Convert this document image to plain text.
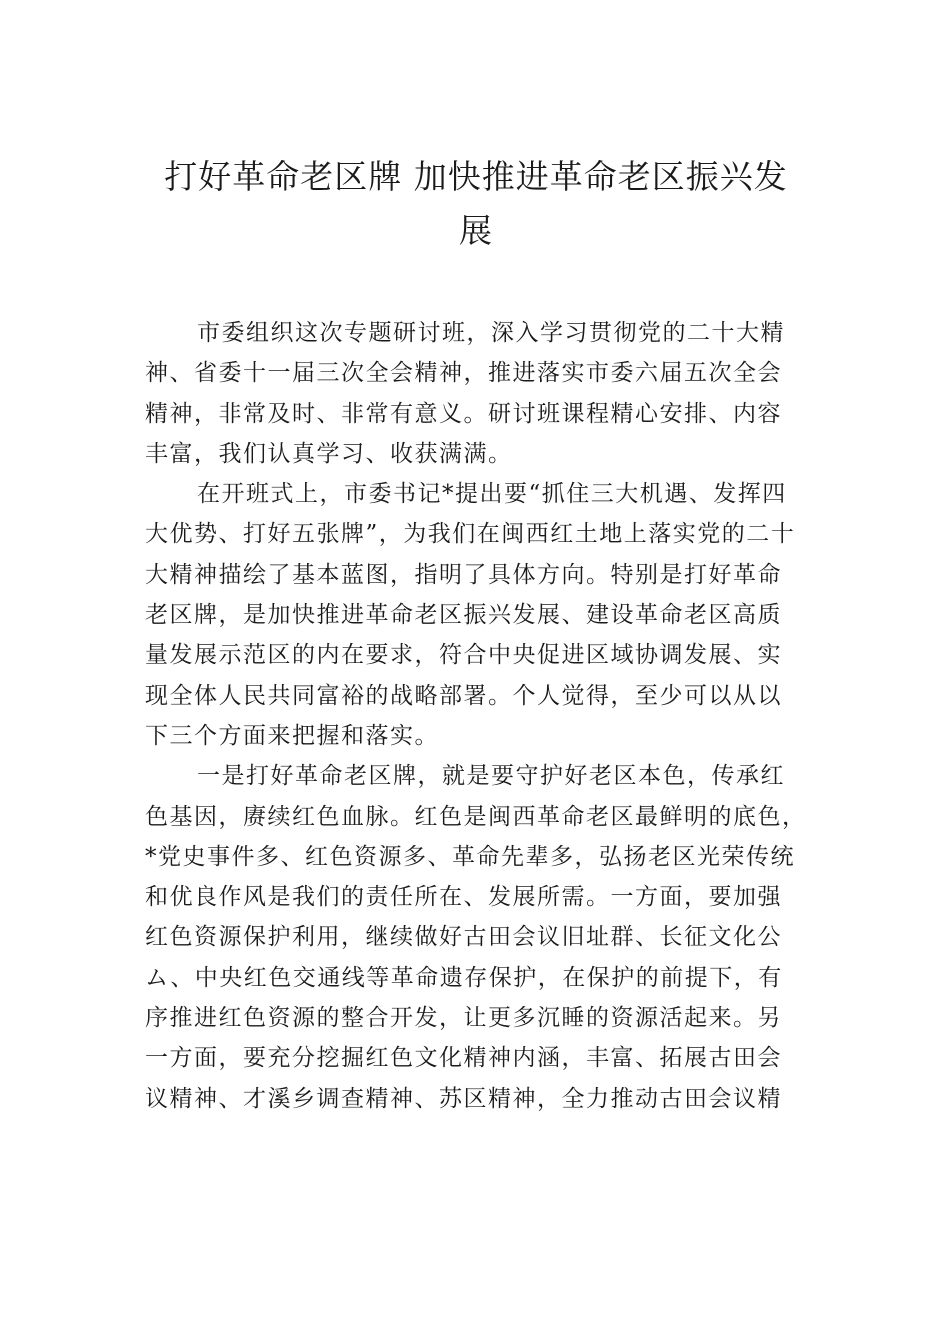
打好革命老区牌 加快推进革命老区振兴发
展
市委组织这次专题研讨班，深入学习贯彻党的二十大精
神、省委十一届三次全会精神，推进落实市委六届五次全会
精神，非常及时、非常有意义。研讨班课程精心安排、内容
丰富，我们认真学习、收获满满。
在开班式上，市委书记*提出要“抓住三大机遇、发挥四
大优势、打好五张牌”，为我们在闽西红土地上落实党的二十
大精神描绘了基本蓝图，指明了具体方向。特别是打好革命
老区牌，是加快推进革命老区振兴发展、建设革命老区高质
量发展示范区的内在要求，符合中央促进区域协调发展、实
现全体人民共同富裕的战略部署。个人觉得，至少可以从以
下三个方面来把握和落实。
一是打好革命老区牌，就是要守护好老区本色，传承红
色基因，赓续红色血脉。红色是闽西革命老区最鲜明的底色，
*党史事件多、红色资源多、革命先辈多，弘扬老区光荣传统
和优良作风是我们的责任所在、发展所需。一方面，要加强
红色资源保护利用，继续做好古田会议旧址群、长征文化公
ム、中央红色交通线等革命遗存保护，在保护的前提下，有
序推进红色资源的整合开发，让更多沉睡的资源活起来。另
一方面，要充分挖掘红色文化精神内涵，丰富、拓展古田会
议精神、才溪乡调查精神、苏区精神，全力推动古田会议精
